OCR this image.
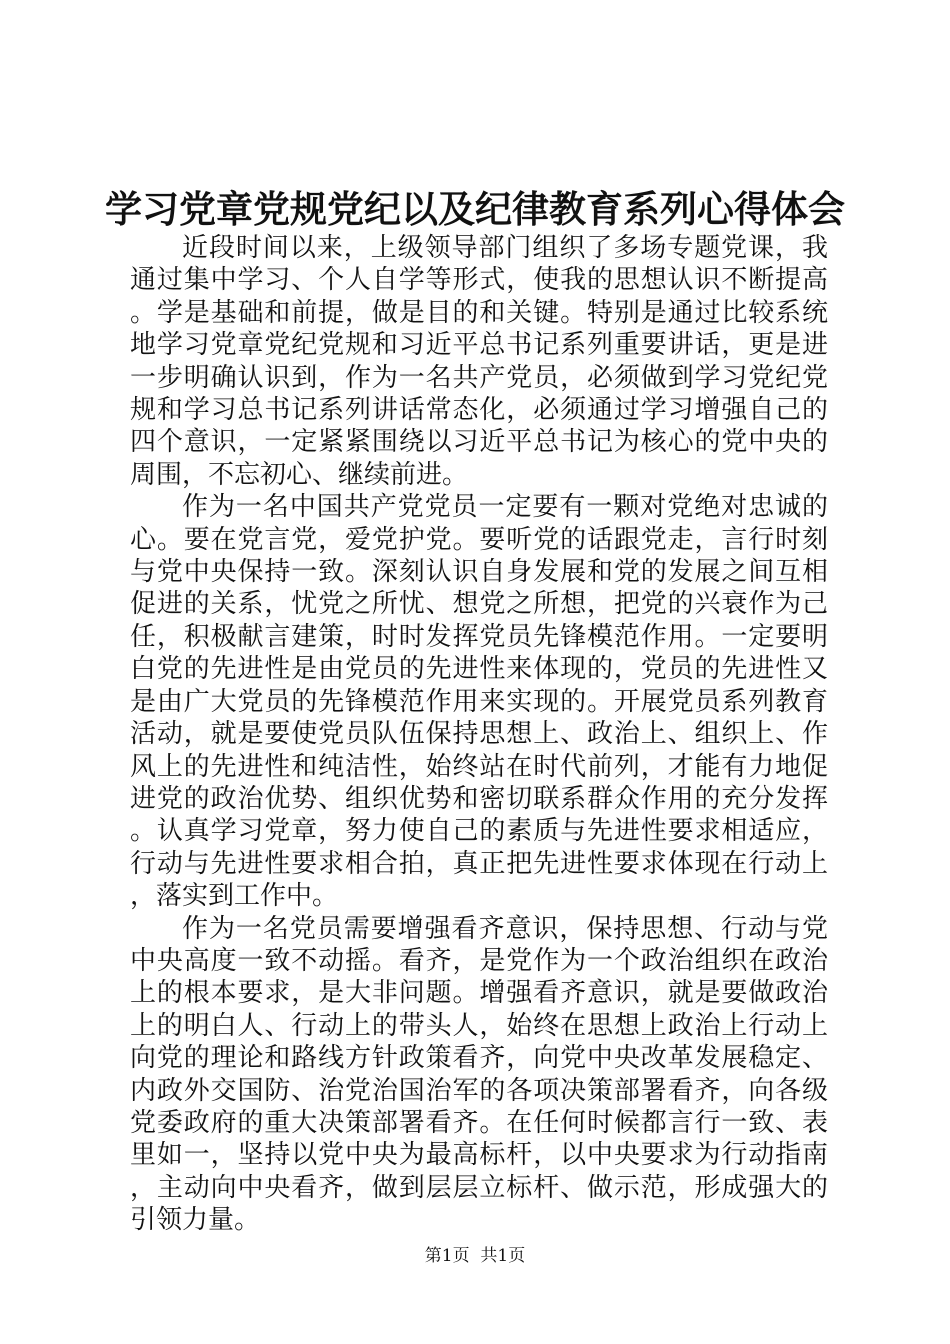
学习党章党规党纪以及纪律教育系列心得体会

近段时间以来，上级领导部门组织了多场专题党课，我通过集中学习、个人自学等形式，使我的思想认识不断提高。学是基础和前提，做是目的和关键。特别是通过比较系统地学习党章党纪党规和习近平总书记系列重要讲话，更是进一步明确认识到，作为一名共产党员，必须做到学习党纪党规和学习总书记系列讲话常态化，必须通过学习增强自己的四个意识，一定紧紧围绕以习近平总书记为核心的党中央的周围，不忘初心、继续前进。

作为一名中国共产党党员一定要有一颗对党绝对忠诚的心。要在党言党，爱党护党。要听党的话跟党走，言行时刻与党中央保持一致。深刻认识自身发展和党的发展之间互相促进的关系，忧党之所忧、想党之所想，把党的兴衰作为己任，积极献言建策，时时发挥党员先锋模范作用。一定要明白党的先进性是由党员的先进性来体现的，党员的先进性又是由广大党员的先锋模范作用来实现的。开展党员系列教育活动，就是要使党员队伍保持思想上、政治上、组织上、作风上的先进性和纯洁性，始终站在时代前列，才能有力地促进党的政治优势、组织优势和密切联系群众作用的充分发挥。认真学习党章，努力使自己的素质与先进性要求相适应，行动与先进性要求相合拍，真正把先进性要求体现在行动上，落实到工作中。

作为一名党员需要增强看齐意识，保持思想、行动与党中央高度一致不动摇。看齐，是党作为一个政治组织在政治上的根本要求，是大非问题。增强看齐意识，就是要做政治上的明白人、行动上的带头人，始终在思想上政治上行动上向党的理论和路线方针政策看齐，向党中央改革发展稳定、内政外交国防、治党治国治军的各项决策部署看齐，向各级党委政府的重大决策部署看齐。在任何时候都言行一致、表里如一，坚持以党中央为最高标杆，以中央要求为行动指南，主动向中央看齐，做到层层立标杆、做示范，形成强大的引领力量。

第1页  共1页
